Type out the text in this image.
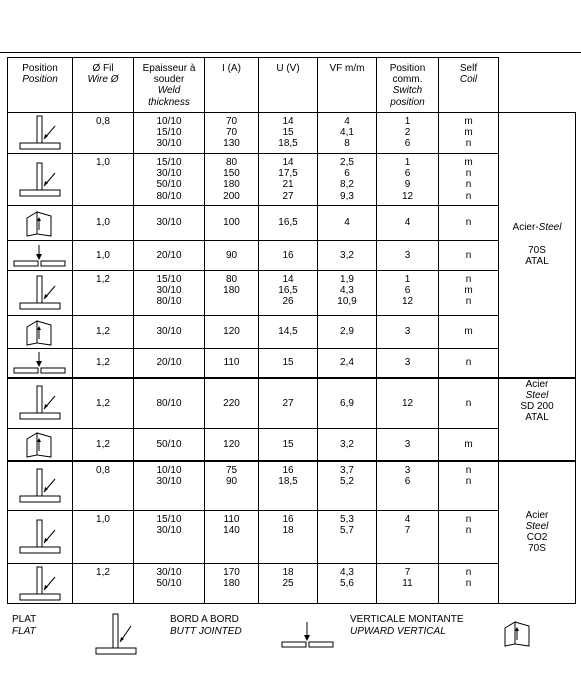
Position
Position	Ø Fil
Wire Ø	Epaisseur à
souder
Weld
thickness	I (A)	U (V)	VF m/m	Position
comm.
Switch
position	Self
Coil	

	0,8	10/10
15/10
30/10	70
70
130	14
15
18,5	4
4,1
8	1
2
6	m
m
n	Acier-Steel

70S
ATAL

	1,0	15/10
30/10
50/10
80/10	80
150
180
200	14
17,5
21
27	2,5
6
8,2
9,3	1
6
9
12	m
n
n
n	

	1,0	30/10	100	16,5	4	4	n	

	1,0	20/10	90	16	3,2	3	n	

	1,2	15/10
30/10
80/10	80
180	14
16,5
26	1,9
4,3
10,9	1
6
12	n
m
n	

	1,2	30/10	120	14,5	2,9	3	m	

	1,2	20/10	110	15	2,4	3	n	

	1,2	80/10	220	27	6,9	12	n	Acier
Steel
SD 200
ATAL

	1,2	50/10	120	15	3,2	3	m	

	0,8	10/10
30/10	75
90	16
18,5	3,7
5,2	3
6	n
n	Acier
Steel
CO2
70S

	1,0	15/10
30/10	110
140	16
18	5,3
5,7	4
7	n
n	

	1,2	30/10
50/10	170
180	18
25	4,3
5,6	7
11	n
n	
PLAT
FLAT
BORD A BORD
BUTT JOINTED
VERTICALE MONTANTE
UPWARD VERTICAL
